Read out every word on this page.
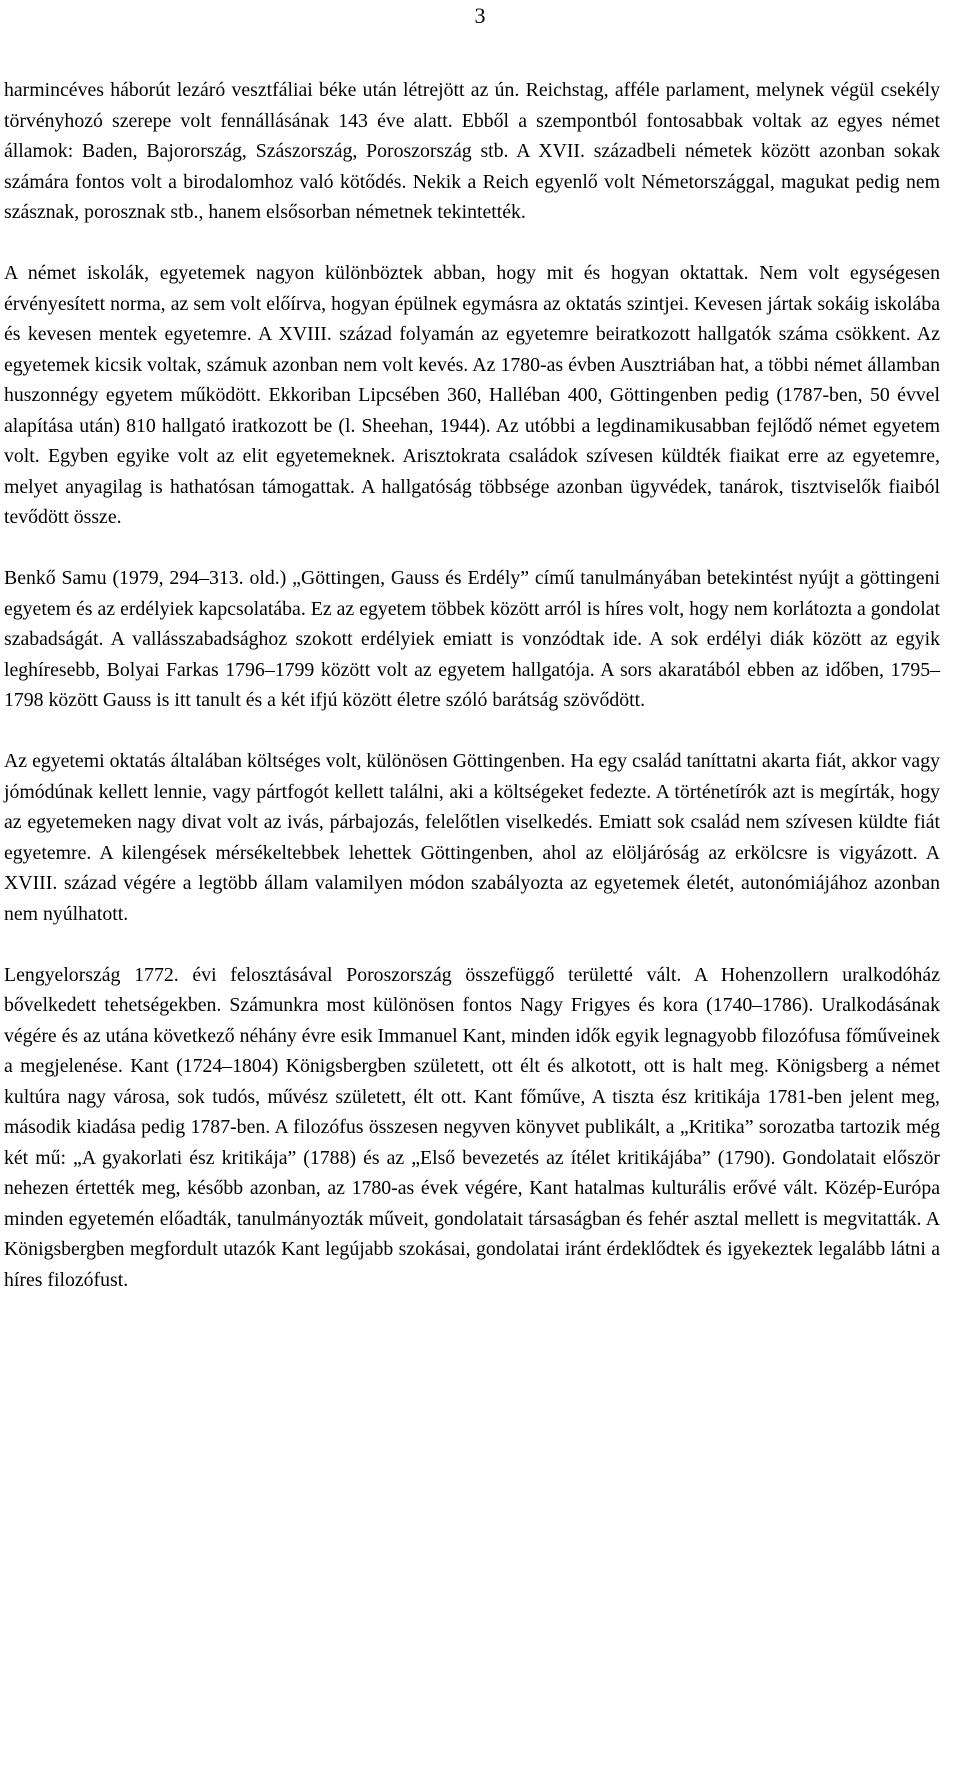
3

harmincéves háborút lezáró vesztfáliai béke után létrejött az ún. Reichstag, afféle parlament, melynek végül csekély törvényhozó szerepe volt fennállásának 143 éve alatt. Ebből a szempontból fontosabbak voltak az egyes német államok: Baden, Bajorország, Szászország, Poroszország stb. A XVII. századbeli németek között azonban sokak számára fontos volt a birodalomhoz való kötődés. Nekik a Reich egyenlő volt Németországgal, magukat pedig nem szásznak, porosznak stb., hanem elsősorban németnek tekintették.

A német iskolák, egyetemek nagyon különböztek abban, hogy mit és hogyan oktattak. Nem volt egységesen érvényesített norma, az sem volt előírva, hogyan épülnek egymásra az oktatás szintjei. Kevesen jártak sokáig iskolába és kevesen mentek egyetemre. A XVIII. század folyamán az egyetemre beiratkozott hallgatók száma csökkent. Az egyetemek kicsik voltak, számuk azonban nem volt kevés. Az 1780-as évben Ausztriában hat, a többi német államban huszonnégy egyetem működött. Ekkoriban Lipcsében 360, Halléban 400, Göttingenben pedig (1787-ben, 50 évvel alapítása után) 810 hallgató iratkozott be (l. Sheehan, 1944). Az utóbbi a legdinamikusabban fejlődő német egyetem volt. Egyben egyike volt az elit egyetemeknek. Arisztokrata családok szívesen küldték fiaikat erre az egyetemre, melyet anyagilag is hathatósan támogattak. A hallgatóság többsége azonban ügyvédek, tanárok, tisztviselők fiaiból tevődött össze.

Benkő Samu (1979, 294–313. old.) „Göttingen, Gauss és Erdély” című tanulmányában betekintést nyújt a göttingeni egyetem és az erdélyiek kapcsolatába. Ez az egyetem többek között arról is híres volt, hogy nem korlátozta a gondolat szabadságát. A vallásszabadsághoz szokott erdélyiek emiatt is vonzódtak ide. A sok erdélyi diák között az egyik leghíresebb, Bolyai Farkas 1796–1799 között volt az egyetem hallgatója. A sors akaratából ebben az időben, 1795–1798 között Gauss is itt tanult és a két ifjú között életre szóló barátság szövődött.

Az egyetemi oktatás általában költséges volt, különösen Göttingenben. Ha egy család taníttatni akarta fiát, akkor vagy jómódúnak kellett lennie, vagy pártfogót kellett találni, aki a költségeket fedezte. A történetírók azt is megírták, hogy az egyetemeken nagy divat volt az ivás, párbajozás, felelőtlen viselkedés. Emiatt sok család nem szívesen küldte fiát egyetemre. A kilengések mérsékeltebbek lehettek Göttingenben, ahol az elöljáróság az erkölcsre is vigyázott. A XVIII. század végére a legtöbb állam valamilyen módon szabályozta az egyetemek életét, autonómiájához azonban nem nyúlhatott.

Lengyelország 1772. évi felosztásával Poroszország összefüggő területté vált. A Hohenzollern uralkodóház bővelkedett tehetségekben. Számunkra most különösen fontos Nagy Frigyes és kora (1740–1786). Uralkodásának végére és az utána következő néhány évre esik Immanuel Kant, minden idők egyik legnagyobb filozófusa főműveinek a megjelenése. Kant (1724–1804) Königsbergben született, ott élt és alkotott, ott is halt meg. Königsberg a német kultúra nagy városa, sok tudós, művész született, élt ott. Kant főműve, A tiszta ész kritikája 1781-ben jelent meg, második kiadása pedig 1787-ben. A filozófus összesen negyven könyvet publikált, a „Kritika” sorozatba tartozik még két mű: „A gyakorlati ész kritikája” (1788) és az „Első bevezetés az ítélet kritikájába” (1790). Gondolatait először nehezen értették meg, később azonban, az 1780-as évek végére, Kant hatalmas kulturális erővé vált. Közép-Európa minden egyetemén előadták, tanulmányozták műveit, gondolatait társaságban és fehér asztal mellett is megvitatták. A Königsbergben megfordult utazók Kant legújabb szokásai, gondolatai iránt érdeklődtek és igyekeztek legalább látni a híres filozófust.
